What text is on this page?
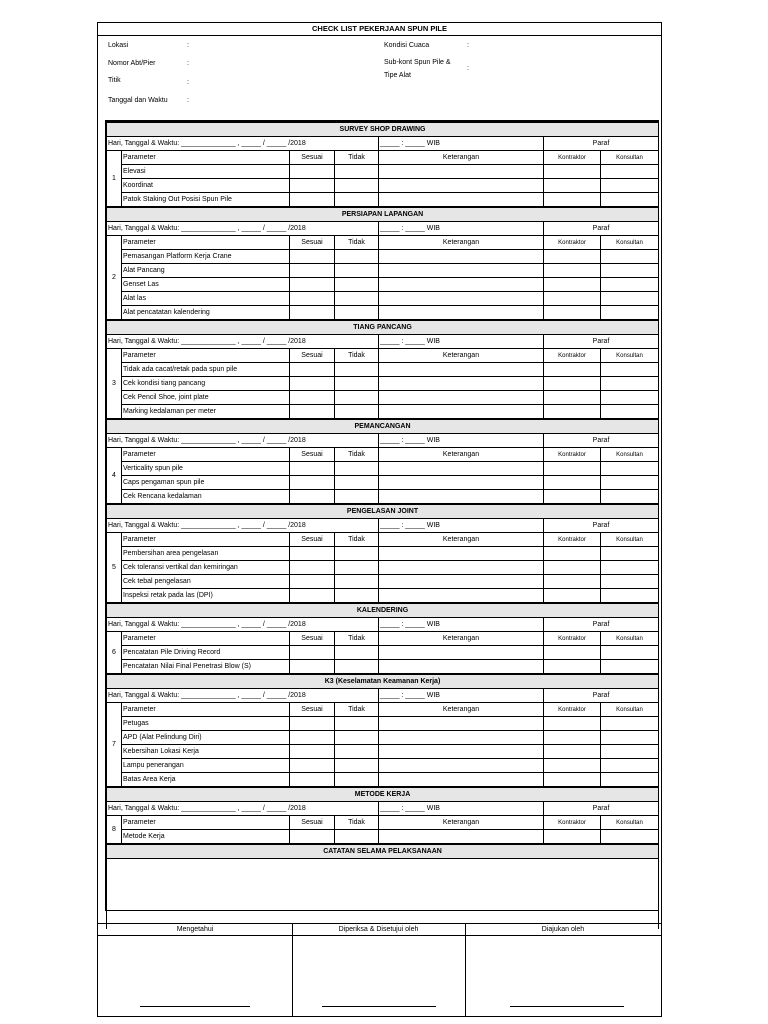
CHECK LIST PEKERJAAN SPUN PILE
Lokasi	:
Nomor Abt/Pier	:
Titik	:
Tanggal dan Waktu	:
Kondisi Cuaca	:
Sub-kont Spun Pile &
Tipe Alat
:
SURVEY SHOP DRAWING						
Hari, Tanggal & Waktu: ______________ , _____ / _____ /2018				_____ : _____ WIB	Paraf	
1	Parameter	Sesuai	Tidak	Keterangan	Kontraktor	Konsultan
	Elevasi					
	Koordinat					
	Patok Staking Out Posisi Spun Pile					
PERSIAPAN LAPANGAN						
Hari, Tanggal & Waktu: ______________ , _____ / _____ /2018				_____ : _____ WIB	Paraf	
2	Parameter	Sesuai	Tidak	Keterangan	Kontraktor	Konsultan
	Pemasangan Platform Kerja Crane					
	Alat Pancang					
	Genset Las					
	Alat las					
	Alat pencatatan kalendering					
TIANG PANCANG						
Hari, Tanggal & Waktu: ______________ , _____ / _____ /2018				_____ : _____ WIB	Paraf	
3	Parameter	Sesuai	Tidak	Keterangan	Kontraktor	Konsultan
	Tidak ada cacat/retak pada spun pile					
	Cek kondisi tiang pancang					
	Cek Pencil Shoe, joint plate					
	Marking kedalaman per meter					
PEMANCANGAN						
Hari, Tanggal & Waktu: ______________ , _____ / _____ /2018				_____ : _____ WIB	Paraf	
4	Parameter	Sesuai	Tidak	Keterangan	Kontraktor	Konsultan
	Verticality spun pile					
	Caps pengaman spun pile					
	Cek Rencana kedalaman					
PENGELASAN JOINT						
Hari, Tanggal & Waktu: ______________ , _____ / _____ /2018				_____ : _____ WIB	Paraf	
5	Parameter	Sesuai	Tidak	Keterangan	Kontraktor	Konsultan
	Pembersihan area pengelasan					
	Cek toleransi vertikal dan kemiringan					
	Cek tebal pengelasan					
	Inspeksi retak pada las (DPI)					
KALENDERING						
Hari, Tanggal & Waktu: ______________ , _____ / _____ /2018				_____ : _____ WIB	Paraf	
6	Parameter	Sesuai	Tidak	Keterangan	Kontraktor	Konsultan
	Pencatatan Pile Driving Record					
	Pencatatan Nilai Final Penetrasi Blow (S)					
K3 (Keselamatan Keamanan Kerja)						
Hari, Tanggal & Waktu: ______________ , _____ / _____ /2018				_____ : _____ WIB	Paraf	
7	Parameter	Sesuai	Tidak	Keterangan	Kontraktor	Konsultan
	Petugas					
	APD (Alat Pelindung Diri)					
	Kebersihan Lokasi Kerja					
	Lampu penerangan					
	Batas Area Kerja					
METODE KERJA						
Hari, Tanggal & Waktu: ______________ , _____ / _____ /2018				_____ : _____ WIB	Paraf	
8	Parameter	Sesuai	Tidak	Keterangan	Kontraktor	Konsultan
	Metode Kerja					
CATATAN SELAMA PELAKSANAAN						

Mengetahui	Diperiksa & Disetujui oleh	Diajukan oleh
